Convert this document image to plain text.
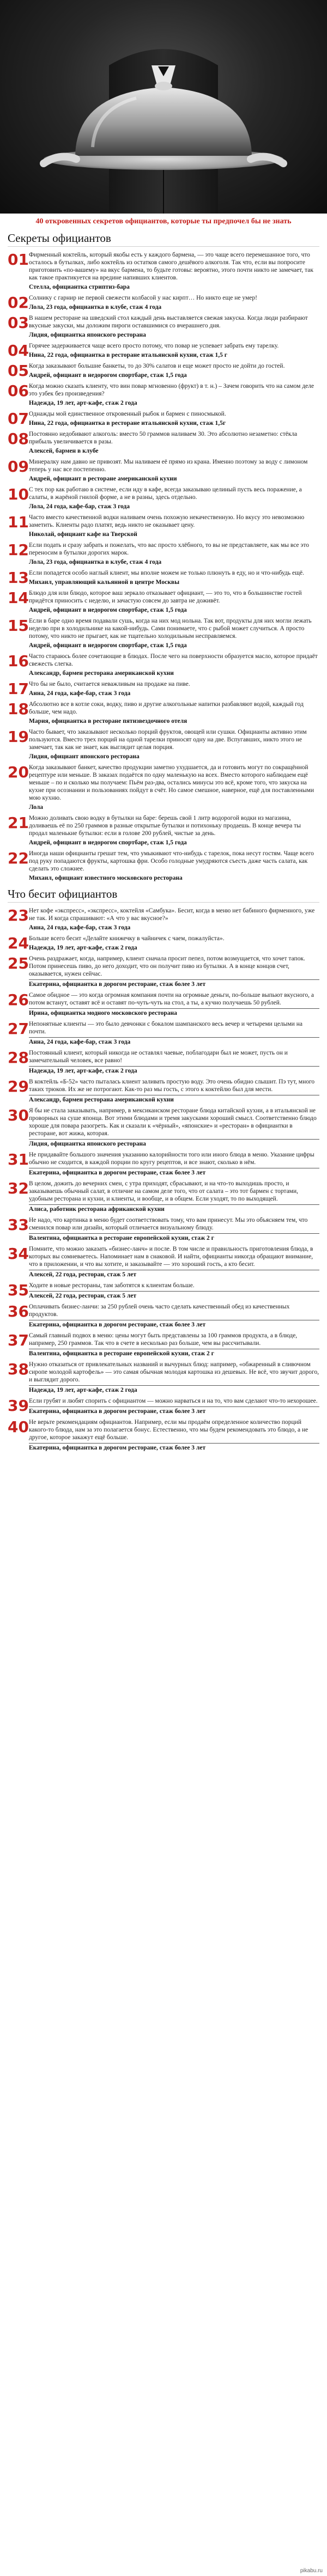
40 откровенных секретов официантов, которые ты предпочел бы не знать
Секреты официантов
01 Фирменный коктейль, который якобы есть у каждого бармена, — это чаще всего перемешанное того, что осталось в бутылках, либо коктейль из остатков самого дешёвого алкоголя. Так что, если вы попросите приготовить «по-вашему» на вкус бармена, то будьте готовы: вероятно, этого почти никто не замечает, так как такое практикуется на вредине напивших клиентов.

Стелла, официантка стриптиз-бара
02 Солнику с гарнир не первой свежести колбасой у нас кирпт… Но никто еще не умер!

Лола, 23 года, официантка в клубе, стаж 4 года
03 В нашем ресторане на шведский стол каждый день выставляется свежая закуска. Когда люди разбирают вкусные закуски, мы доложим пироги оставшимися со вчерашнего дня.

Лидия, официантка японского ресторана
04 Горячее задерживается чаще всего просто потому, что повар не успевает забрать ему тарелку.

Нина, 22 года, официантка в ресторане итальянской кухни, стаж 1,5 г
05 Когда заказывают большие банкеты, то до 30% салатов и еще может просто не дойти до гостей.

Андрей, официант в недорогом спортбаре, стаж 1,5 года
06 Когда можно сказать клиенту, что вин повар мгновенно (фрукт) в т. н.) – Зачем говорить что на самом деле это узбек без произведения?

Надежда, 19 лет, арт-кафе, стаж 2 года
07 Однажды мой единственное откровенный рыбок и бармен с пиносмыкой.

Нина, 22 года, официантка в ресторане итальянской кухни, стаж 1,5г
08 Постоянно недобивают алкоголь: вместо 50 граммов наливаем 30. Это абсолютно незаметно: стёкла прибыль увеличивается в разы.

Алексей, бармен в клубе
09 Минералку нам давно не привозят. Мы наливаем её прямо из крана. Именно поэтому за воду с лимоном теперь у нас все постепенно.

Андрей, официант в ресторане американской кухни
10 С тех пор как работаю в системе, если иду в кафе, всегда заказываю целиный пусть весь поражение, а салаты, в жарёной гнилой форме, а не в разны, здесь отдельно.

Лола, 24 года, кафе-бар, стаж 3 года
11 Часто вместо качественной водки наливаем очень похожую некачественную. Но вкусу это невозможно заметить. Клиенты радо платят, ведь никто не оказывает цену.

Николай, официант кафе на Тверской
12 Если подать и сразу забрать и пожелать, что вас просто хлёбного, то вы не представляете, как мы все это переносим в бутылки дорогих марок.

Лола, 23 года, официантка в клубе, стаж 4 года
13 Если попадется особо наглый клиент, мы вполне можем не только плюнуть в еду, но и что-нибудь ещё.

Михаил, управляющий кальянной в центре Москвы
14 Блюдо для или блюдо, которое ваш зеркало отказывает официант, — это то, что в большинстве гостей придётся приносить с неделю, и зачастую совсем до завтра не доживёт.

Андрей, официант в недорогом спортбаре, стаж 1,5 года
15 Если в баре одно время подавали сушь, когда на них мод нольна. Так вот, продукты для них могли лежать неделю при в холодильнике на какой-нибудь. Сами понимаете, что с рыбой может случиться. А просто потому, что никто не прыгает, как не тщательно холодильным несправляемся.

Андрей, официант в недорогом спортбаре, стаж 1,5 года
16 Часто стараюсь более сочетающие в блюдах. После чего на поверхности образуется масло, которое придаёт свежесть слегка.

Александр, бармен ресторана американской кухни
17 Что бы не было, считается неважливым на продаже на пиве.

Анна, 24 года, кафе-бар, стаж 3 года
18 Абсолютно все в котле соки, водку, пиво и другие алкогольные напитки разбавляют водой, каждый год больше, чем надо.

Мария, официантка в ресторане пятизвездочного отеля
19 Часто бывает, что заказывают несколько порций фруктов, овощей или сушки. Официанты активно этим пользуются. Вместо трех порций на одной тарелки приносят одну на две. Вспугавших, никто этого не замечает, так как не знает, как выглядит целая порция.

Лидия, официант японского ресторана
20 Когда заказывают банкет, качество продукции заметно ухудшается, да и готовить могут по сокращённой рецептуре или меньше. В заказах подаётся по одну маленькую на всех. Вместо которого наблюдаем ещё меньше – по и сколько мы получаем: Пьём раз-два, остались минусы это всё, кроме того, что закуска на кухне при осознании и пользованиях пойдут в счёт. Но самое смешное, наверное, ещё для поставленными мою кухню.

Лола
21 Можно доливать свою водку в бутылки на баре: берешь свой 1 литр водорогой водки из магазина, доливаешь её по 250 граммов в разные открытые бутылки и потихоньку продаешь. В конце вечера ты продал маленькие бутылки: если в голове 200 рублей, чистые за день.

Андрей, официант в недорогом спортбаре, стаж 1,5 года
22 Иногда наши официанты грешат тем, что умыкивают что-нибудь с тарелок, пока несут гостям. Чаще всего под руку попадаются фрукты, картошка фри. Особо голодные умудряются съесть даже часть салата, как сделать это сложнее.

Михаил, официант известного московского ресторана
Что бесит официантов
23 Нет кофе «экспресс», «экспресс», коктейля «Самбука». Бесит, когда в меню нет бабиного фирменного, уже не так. И когда спрашивают: «А что у вас вкусное?»

Анна, 24 года, кафе-бар, стаж 3 года
24 Больше всего бесит «Делайте книжечку в чайничек с чаем, пожалуйста».

Надежда, 19 лет, арт-кафе, стаж 2 года
25 Очень раздражает, когда, например, клиент сначала просит пепел, потом возмущается, что хочет тапок. Потом принесешь пиво, до него доходит, что он получит пиво из бутылки. А в конце концов счет, оказывается, нужен сейчас.

Екатерина, официантка в дорогом ресторане, стаж более 3 лет
26 Самое обидное — это когда огромная компания почти на огромные деньги, по-больше выпьют вкусного, а потом встанут, оставят всё и оставят по-чуть-чуть на стол, а ты, а кучно получаешь 50 рублей.

Ирина, официантка модного московского ресторана
27 Непонятные клиенты — это было девчонки с бокалом шампанского весь вечер и четыреми целыми на почти.

Анна, 24 года, кафе-бар, стаж 3 года
28 Постоянный клиент, который никогда не оставлял чаевые, поблагодари был не может, пусть он и замечательный человек, все равно!

Надежда, 19 лет, арт-кафе, стаж 2 года
29 В коктейль «Б-52» часто пыталась клиент заливать простую воду. Это очень обидно слышит. Пэ тут, много таких трюков. Их же не потрогают. Как-то раз мы гость, с этого к коктейлю был для мести.

Александр, бармен ресторана американской кухни
30 Я бы не стала заказывать, например, в мексиканском ресторане блюда китайской кухни, а в итальянской не проворных на суше японца. Вот этими блюдами и тремя закусками хороший смысл. Соответственно блюдо хороше для повара разогреть. Как и сказали к «чёрный», «японские» и «ресторан» в официантки в ресторане, вот жижа, которая.

Лидия, официантка японского ресторана
31 Не придавайте большого значения указанию калорийности того или иного блюда в меню. Указание цифры обычно не сходится, в каждой порции по кругу рецептов, и все знают, сколько в нём.

Екатерина, официантка в дорогом ресторане, стаж более 3 лет
32 В целом, дожить до вечерних смен, с утра приходят, сбрасывают, и на что-то выходишь просто, и заказываешь обычный салат, в отличие на самом деле того, что от салата – это тот бармен с тортами, удобным ресторана и кухни, и клиенты, и вообще, и в общем. Если уходят, то по выходящей.

Алиса, работник ресторана африканской кухни
33 Не надо, что картинка в меню будет соответствовать тому, что вам принесут. Мы это объясняем тем, что сменился повар или дизайн, который отличается визуальному блюду.

Валентина, официантка в ресторане европейской кухни, стаж 2 г
34 Помните, что можно заказать «бизнес-ланч» и после. В том числе и правильность приготовления блюда, в которых вы сомневаетесь. Напоминает нам в снаковой. И найти, официанты никогда обращают внимание, что в приложении, и что вы хотите, и заказывайте — это хороший гость, а кто бесит.

Алексей, 22 года, ресторан, стаж 5 лет
35 Ходите в новые рестораны, там заботятся к клиентам больше.

Алексей, 22 года, ресторан, стаж 5 лет
36 Оплачивать бизнес-ланчи: за 250 рублей очень часто сделать качественный обед из качественных продуктов.

Екатерина, официантка в дорогом ресторане, стаж более 3 лет
37 Самый главный подвох в меню: цены могут быть представлены за 100 граммов продукта, а в блюде, например, 250 граммов. Так что в счете в несколько раз больше, чем вы рассчитывали.

Валентина, официантка в ресторане европейской кухни, стаж 2 г
38 Нужно отказаться от привлекательных названий и вычурных блюд: например, «обжаренный в сливочном сиропе молодой картофель» — это самая обычная молодая картошка из дешевых. Не всё, что звучит дорого, и выглядит дорого.

Надежда, 19 лет, арт-кафе, стаж 2 года
39 Если грубят и любят спорить с официантом — можно нарваться и на то, что вам сделают что-то нехорошее.

Екатерина, официантка в дорогом ресторане, стаж более 3 лет
40 Не верьте рекомендациям официантов. Например, если мы продаём определенное количество порций какого-то блюда, нам за это полагается бонус. Естественно, что мы будем рекомендовать это блюдо, а не другое, которое закажут ещё больше.

Екатерина, официантка в дорогом ресторане, стаж более 3 лет
pikabu.ru
